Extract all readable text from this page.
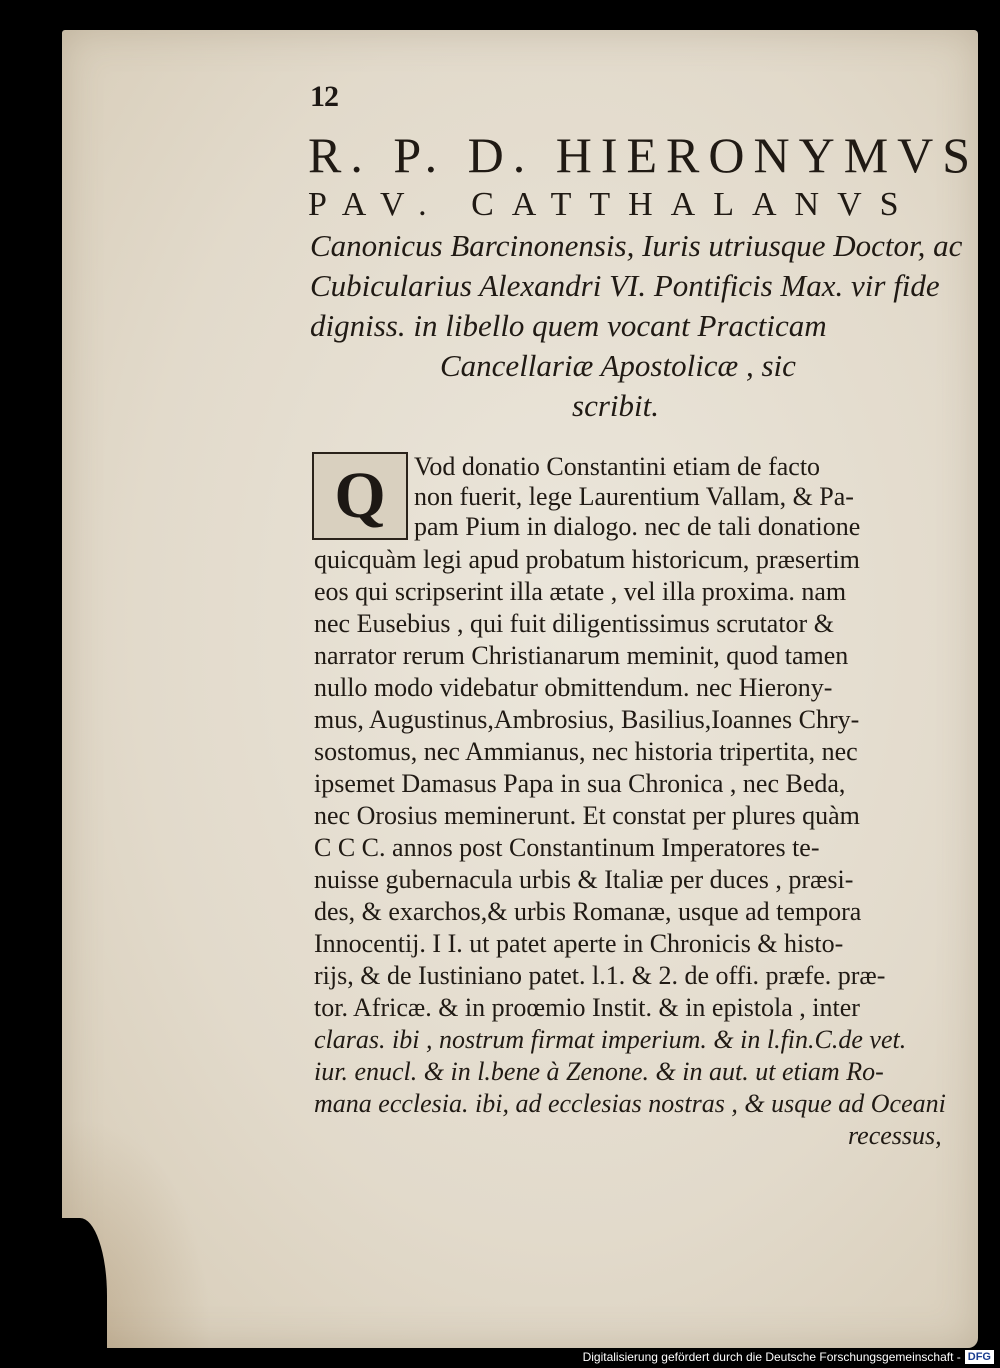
12
R. P. D. HIERONYMVS
PAV. CATTHALANVS
Canonicus Barcinonensis, Iuris utriusque Doctor, ac
Cubicularius Alexandri VI. Pontificis Max. vir fide
digniss. in libello quem vocant Practicam
Cancellariæ Apostolicæ , sic
scribit.
Q Vod donatio Constantini etiam de facto
non fuerit, lege Laurentium Vallam, & Pa-
pam Pium in dialogo. nec de tali donatione
quicquàm legi apud probatum historicum, præsertim
eos qui scripserint illa ætate , vel illa proxima. nam
nec Eusebius , qui fuit diligentissimus scrutator &
narrator rerum Christianarum meminit, quod tamen
nullo modo videbatur obmittendum. nec Hierony-
mus, Augustinus,Ambrosius, Basilius,Ioannes Chry-
sostomus, nec Ammianus, nec historia tripertita, nec
ipsemet Damasus Papa in sua Chronica , nec Beda,
nec Orosius meminerunt. Et constat per plures quàm
C C C. annos post Constantinum Imperatores te-
nuisse gubernacula urbis & Italiæ per duces , præsi-
des, & exarchos,& urbis Romanæ, usque ad tempora
Innocentij. I I. ut patet aperte in Chronicis & histo-
rijs, & de Iustiniano patet. l.1. & 2. de offi. præfe. præ-
tor. Africæ. & in proœmio Instit. & in epistola , inter
claras. ibi , nostrum firmat imperium. & in l.fin.C.de vet.
iur. enucl. & in l.bene à Zenone. & in aut. ut etiam Ro-
mana ecclesia. ibi, ad ecclesias nostras , & usque ad Oceani
recessus,
Digitalisierung gefördert durch die Deutsche Forschungsgemeinschaft - DFG
